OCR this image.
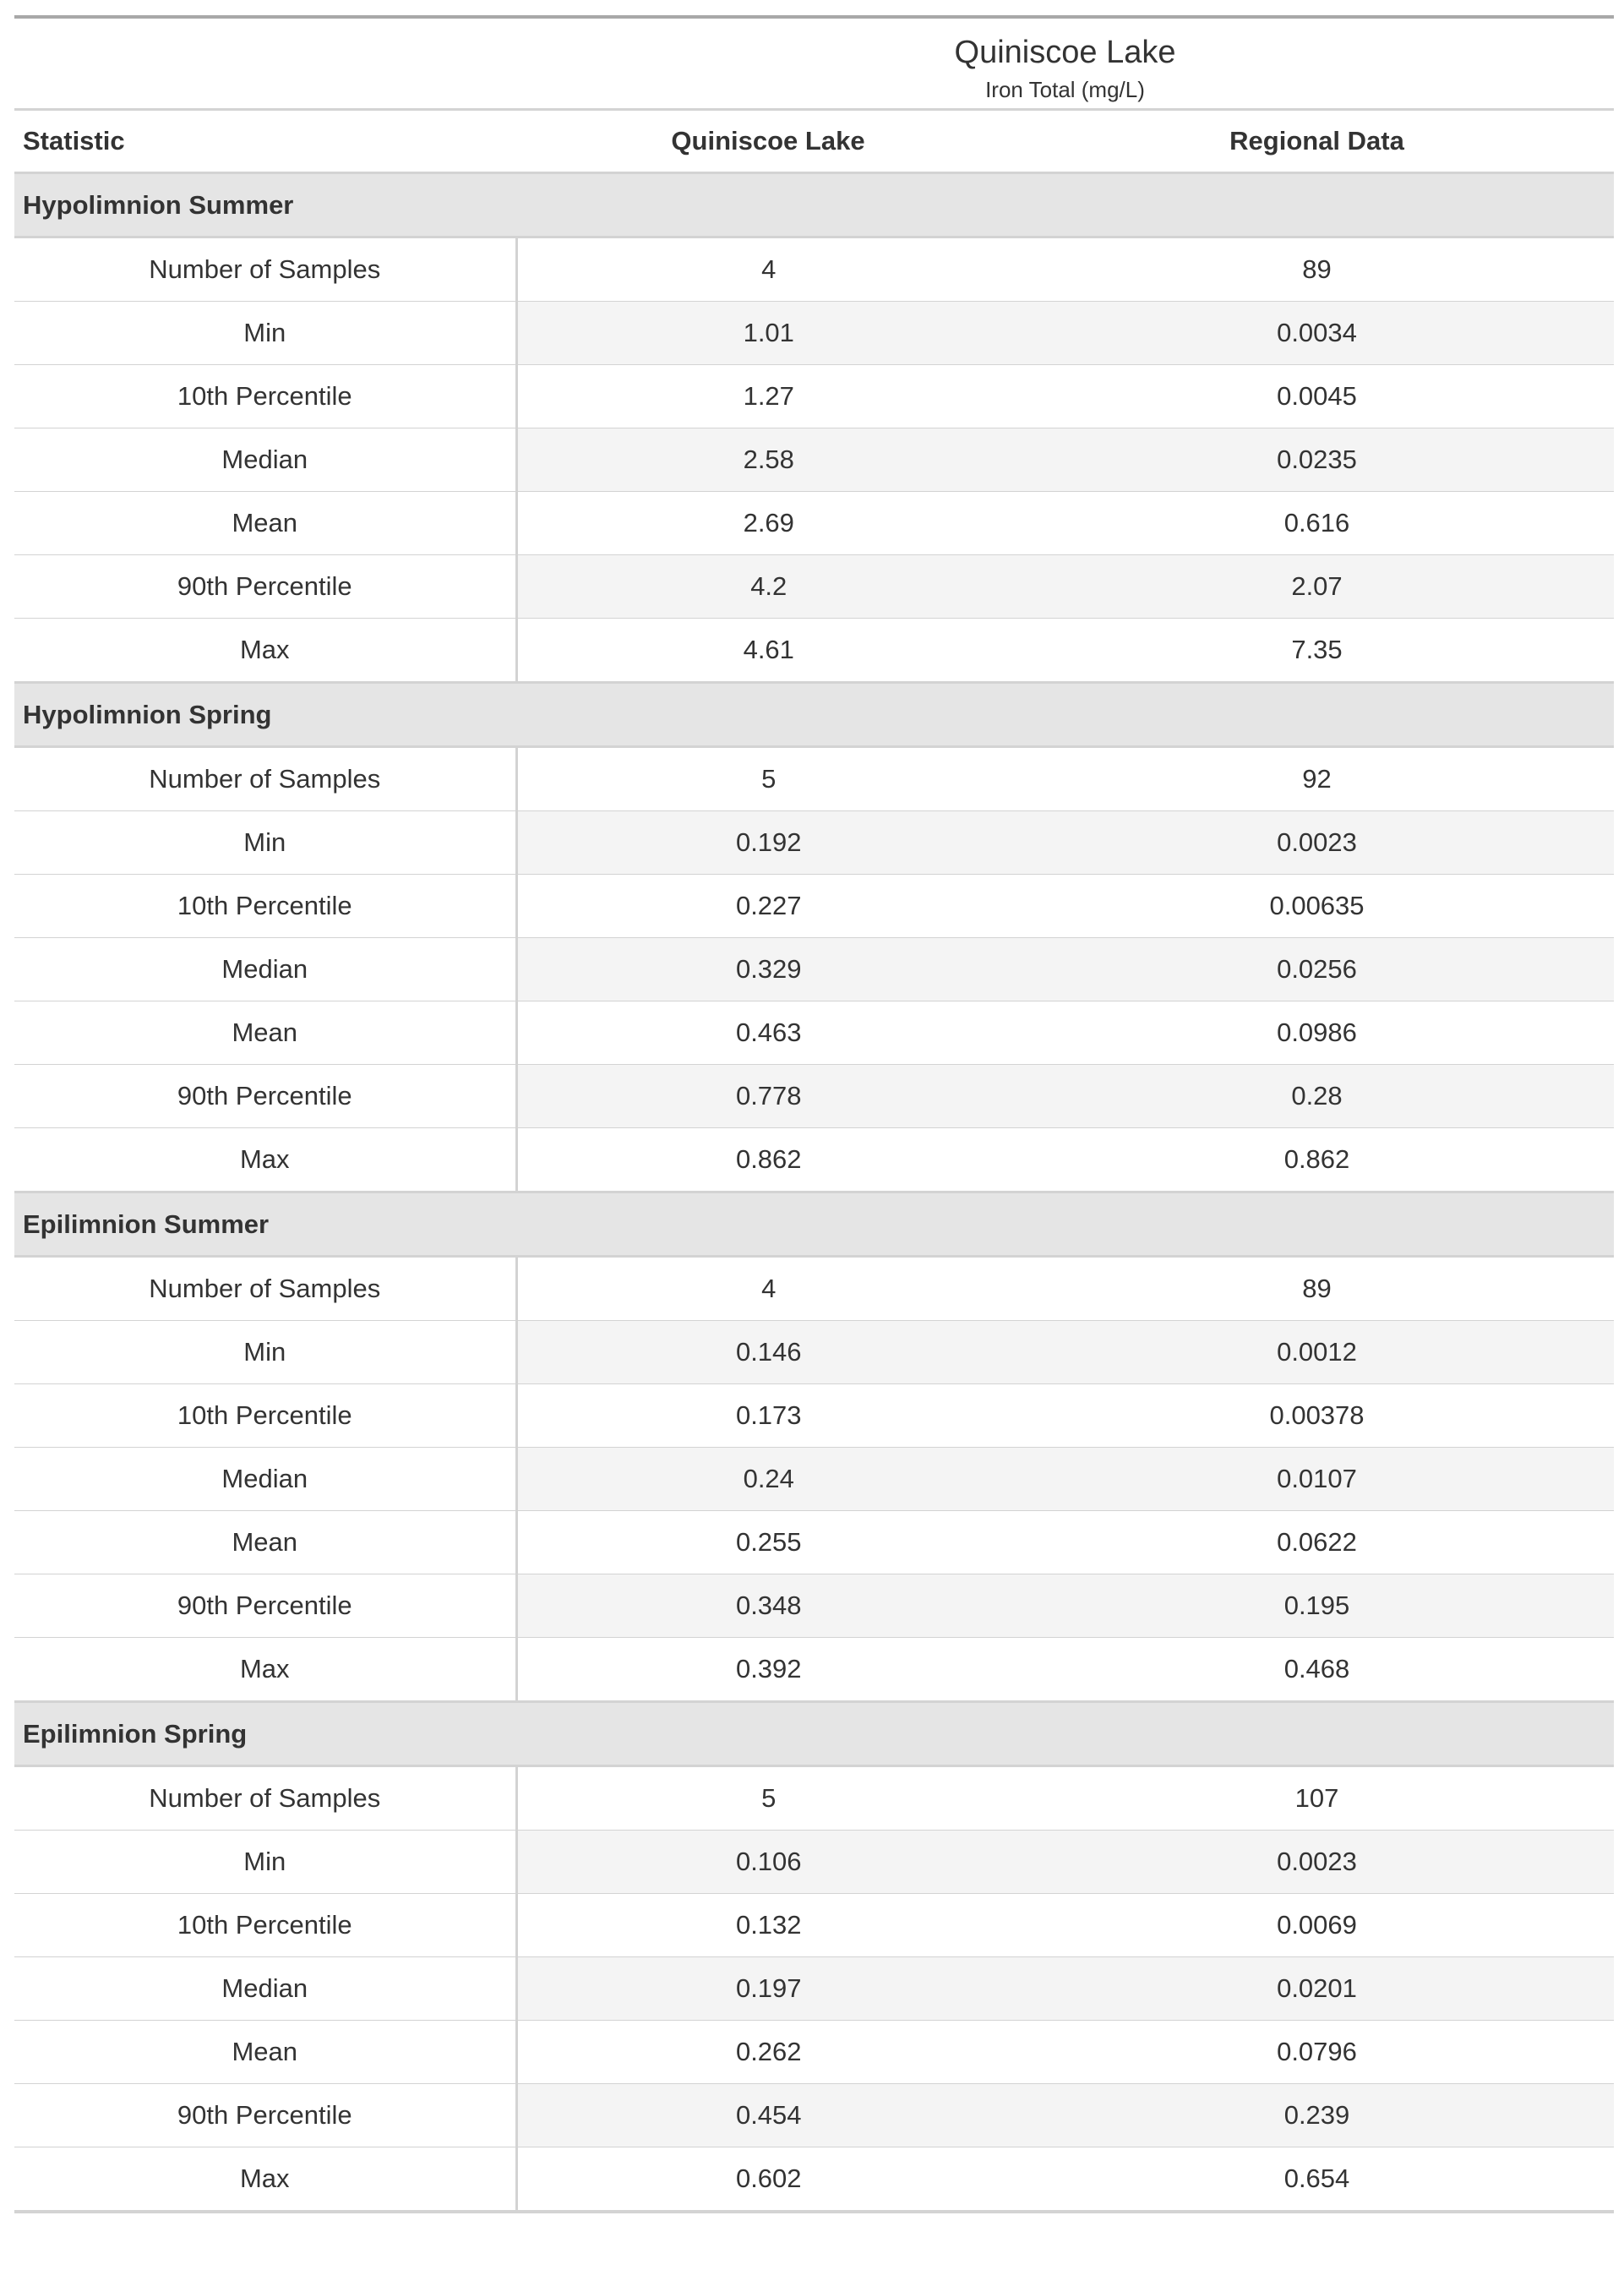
Quiniscoe Lake		
Iron Total (mg/L)		
Statistic	Quiniscoe Lake	Regional Data
Hypolimnion Summer		
Number of Samples	4	89
Min	1.01	0.0034
10th Percentile	1.27	0.0045
Median	2.58	0.0235
Mean	2.69	0.616
90th Percentile	4.2	2.07
Max	4.61	7.35
Hypolimnion Spring		
Number of Samples	5	92
Min	0.192	0.0023
10th Percentile	0.227	0.00635
Median	0.329	0.0256
Mean	0.463	0.0986
90th Percentile	0.778	0.28
Max	0.862	0.862
Epilimnion Summer		
Number of Samples	4	89
Min	0.146	0.0012
10th Percentile	0.173	0.00378
Median	0.24	0.0107
Mean	0.255	0.0622
90th Percentile	0.348	0.195
Max	0.392	0.468
Epilimnion Spring		
Number of Samples	5	107
Min	0.106	0.0023
10th Percentile	0.132	0.0069
Median	0.197	0.0201
Mean	0.262	0.0796
90th Percentile	0.454	0.239
Max	0.602	0.654
